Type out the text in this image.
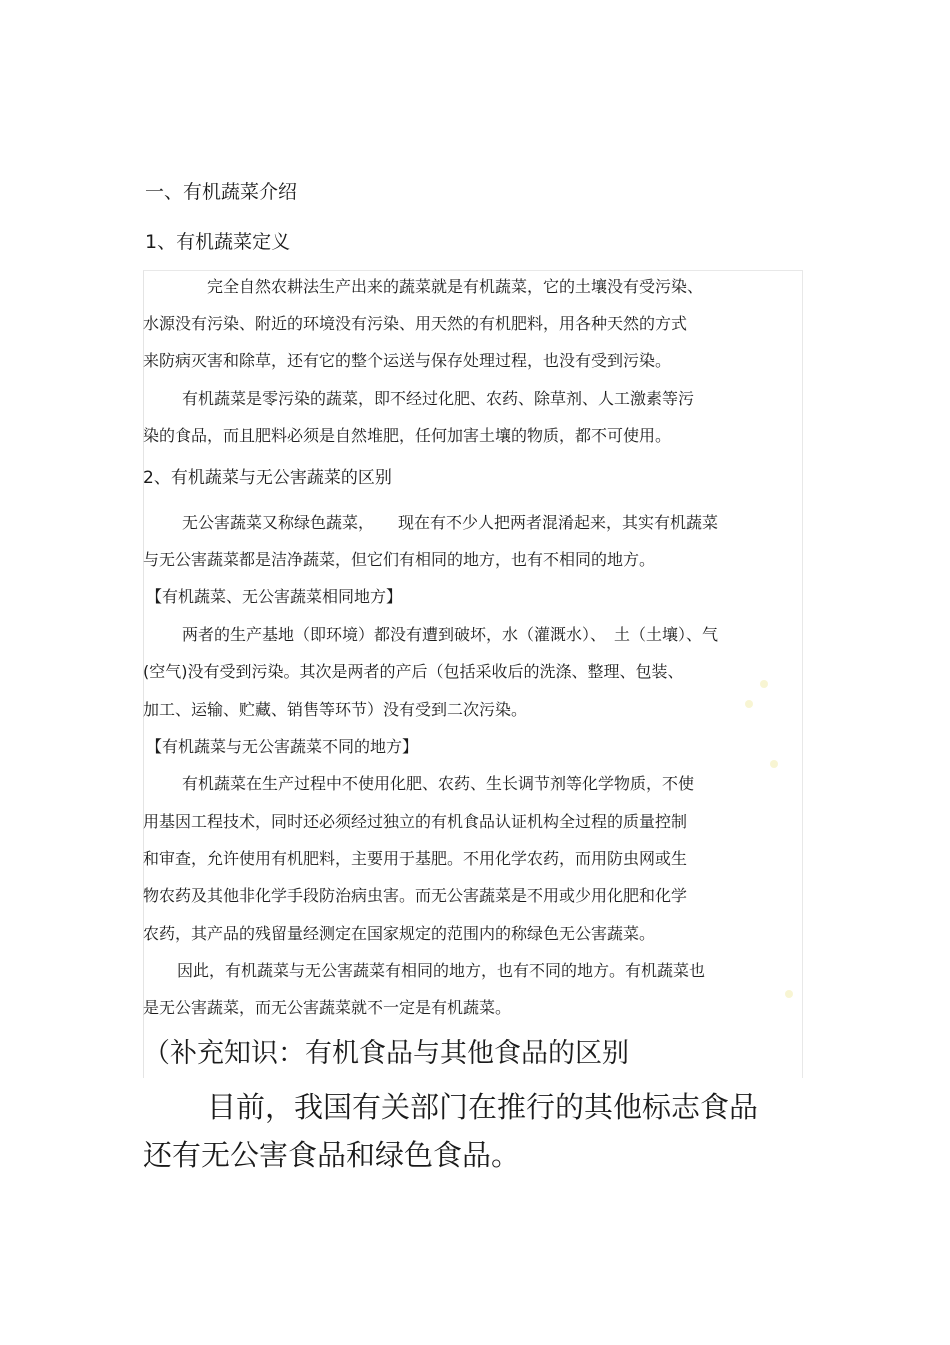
一、有机蔬菜介绍
1、有机蔬菜定义
完全自然农耕法生产出来的蔬菜就是有机蔬菜，它的土壤没有受污染、
水源没有污染、附近的环境没有污染、用天然的有机肥料，用各种天然的方式
来防病灭害和除草，还有它的整个运送与保存处理过程，也没有受到污染。
有机蔬菜是零污染的蔬菜，即不经过化肥、农药、除草剂、人工激素等污
染的食品，而且肥料必须是自然堆肥，任何加害土壤的物质，都不可使用。
2、有机蔬菜与无公害蔬菜的区别
无公害蔬菜又称绿色蔬菜，　　现在有不少人把两者混淆起来，其实有机蔬菜
与无公害蔬菜都是洁净蔬菜，但它们有相同的地方，也有不相同的地方。
【有机蔬菜、无公害蔬菜相同地方】
两者的生产基地（即环境）都没有遭到破坏，水（灌溉水）、　土（土壤）、气
(空气)没有受到污染。其次是两者的产后（包括采收后的洗涤、整理、包装、
加工、运输、贮藏、销售等环节）没有受到二次污染。
【有机蔬菜与无公害蔬菜不同的地方】
有机蔬菜在生产过程中不使用化肥、农药、生长调节剂等化学物质，不使
用基因工程技术，同时还必须经过独立的有机食品认证机构全过程的质量控制
和审查，允许使用有机肥料，主要用于基肥。不用化学农药，而用防虫网或生
物农药及其他非化学手段防治病虫害。而无公害蔬菜是不用或少用化肥和化学
农药，其产品的残留量经测定在国家规定的范围内的称绿色无公害蔬菜。
因此，有机蔬菜与无公害蔬菜有相同的地方，也有不同的地方。有机蔬菜也
是无公害蔬菜，而无公害蔬菜就不一定是有机蔬菜。
（补充知识：有机食品与其他食品的区别
目前，我国有关部门在推行的其他标志食品
还有无公害食品和绿色食品。
